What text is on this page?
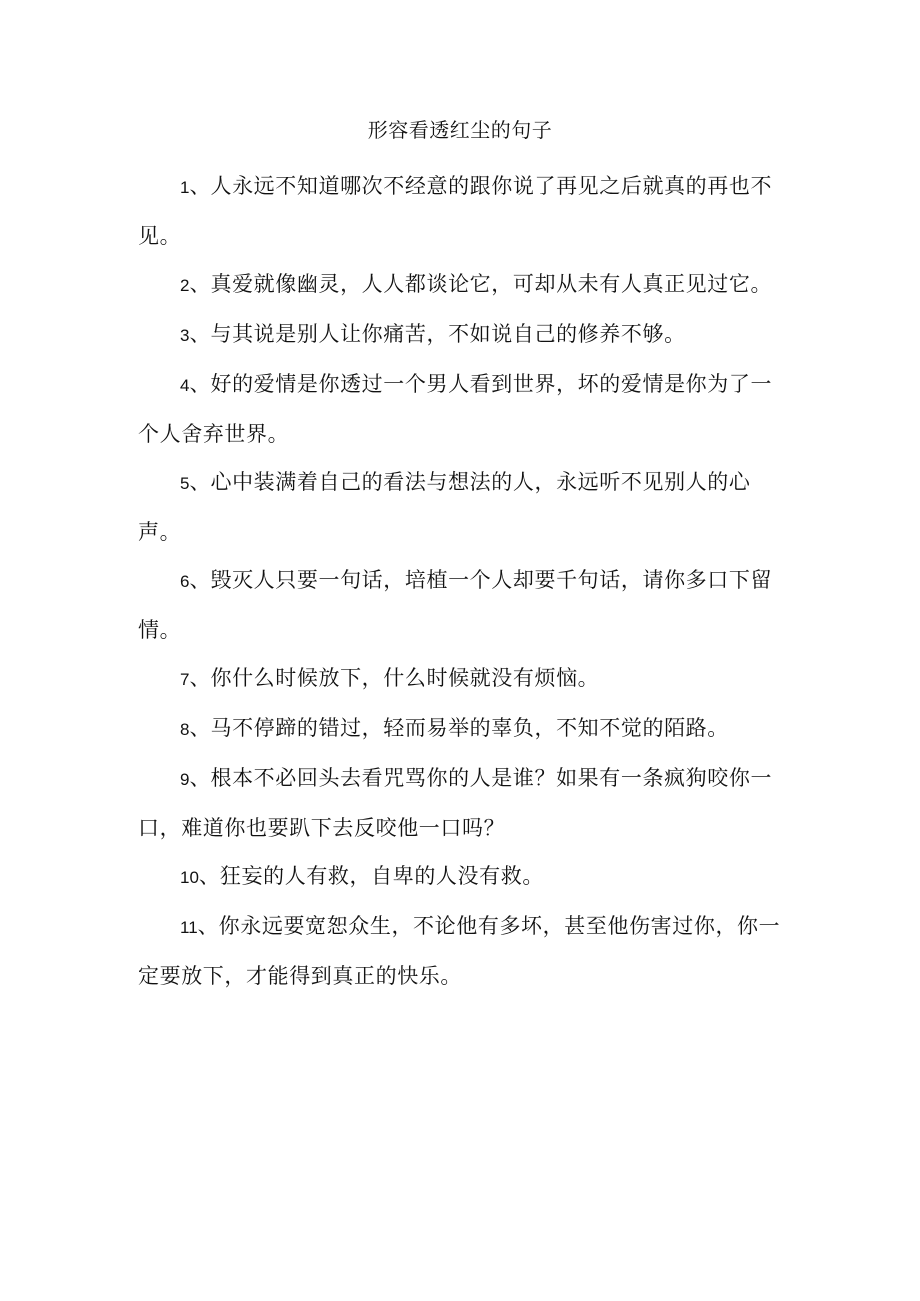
形容看透红尘的句子

1、人永远不知道哪次不经意的跟你说了再见之后就真的再也不见。

2、真爱就像幽灵，人人都谈论它，可却从未有人真正见过它。

3、与其说是别人让你痛苦，不如说自己的修养不够。

4、好的爱情是你透过一个男人看到世界，坏的爱情是你为了一个人舍弃世界。

5、心中装满着自己的看法与想法的人，永远听不见别人的心声。

6、毁灭人只要一句话，培植一个人却要千句话，请你多口下留情。

7、你什么时候放下，什么时候就没有烦恼。

8、马不停蹄的错过，轻而易举的辜负，不知不觉的陌路。

9、根本不必回头去看咒骂你的人是谁？如果有一条疯狗咬你一口，难道你也要趴下去反咬他一口吗？

10、狂妄的人有救，自卑的人没有救。

11、你永远要宽恕众生，不论他有多坏，甚至他伤害过你，你一定要放下，才能得到真正的快乐。
